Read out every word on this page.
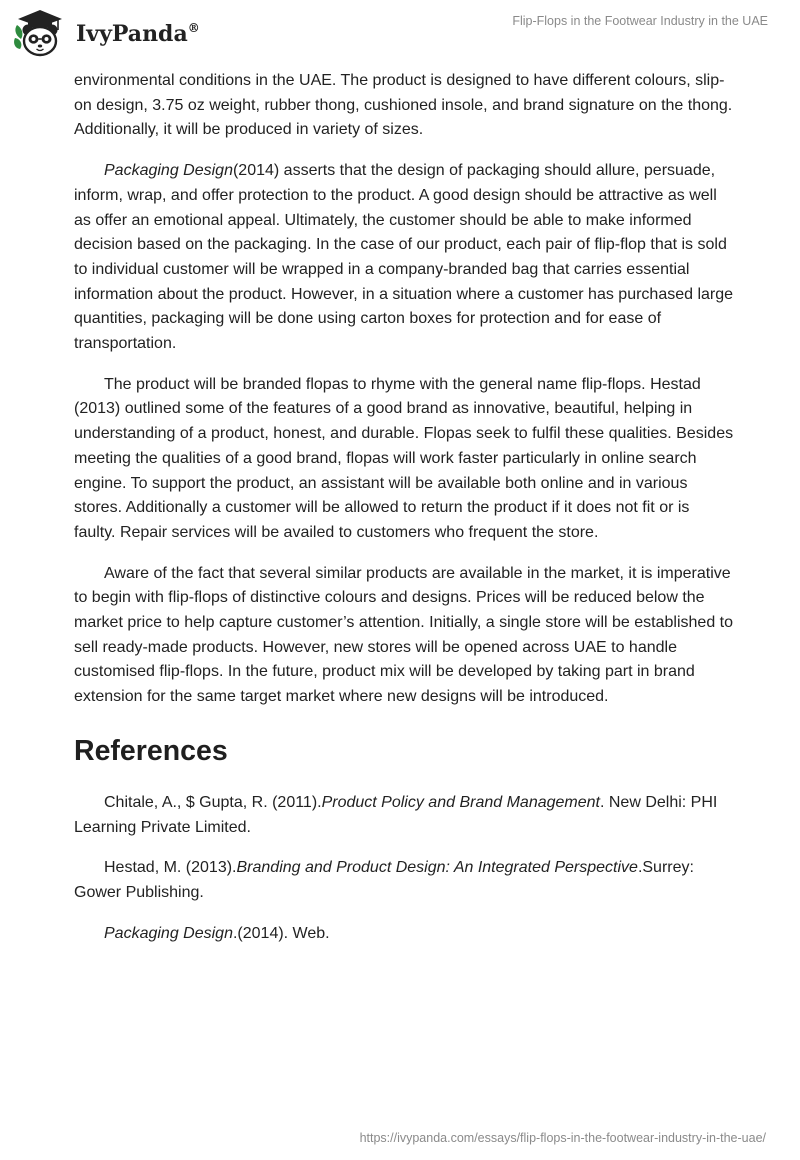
IvyPanda®	Flip-Flops in the Footwear Industry in the UAE

environmental conditions in the UAE. The product is designed to have different colours, slip-on design, 3.75 oz weight, rubber thong, cushioned insole, and brand signature on the thong. Additionally, it will be produced in variety of sizes.

Packaging Design(2014) asserts that the design of packaging should allure, persuade, inform, wrap, and offer protection to the product. A good design should be attractive as well as offer an emotional appeal. Ultimately, the customer should be able to make informed decision based on the packaging. In the case of our product, each pair of flip-flop that is sold to individual customer will be wrapped in a company-branded bag that carries essential information about the product. However, in a situation where a customer has purchased large quantities, packaging will be done using carton boxes for protection and for ease of transportation.

The product will be branded flopas to rhyme with the general name flip-flops. Hestad (2013) outlined some of the features of a good brand as innovative, beautiful, helping in understanding of a product, honest, and durable. Flopas seek to fulfil these qualities. Besides meeting the qualities of a good brand, flopas will work faster particularly in online search engine. To support the product, an assistant will be available both online and in various stores. Additionally a customer will be allowed to return the product if it does not fit or is faulty. Repair services will be availed to customers who frequent the store.

Aware of the fact that several similar products are available in the market, it is imperative to begin with flip-flops of distinctive colours and designs. Prices will be reduced below the market price to help capture customer’s attention. Initially, a single store will be established to sell ready-made products. However, new stores will be opened across UAE to handle customised flip-flops. In the future, product mix will be developed by taking part in brand extension for the same target market where new designs will be introduced.

References

Chitale, A., $ Gupta, R. (2011).Product Policy and Brand Management. New Delhi: PHI Learning Private Limited.

Hestad, M. (2013).Branding and Product Design: An Integrated Perspective.Surrey: Gower Publishing.

Packaging Design.(2014). Web.

https://ivypanda.com/essays/flip-flops-in-the-footwear-industry-in-the-uae/
